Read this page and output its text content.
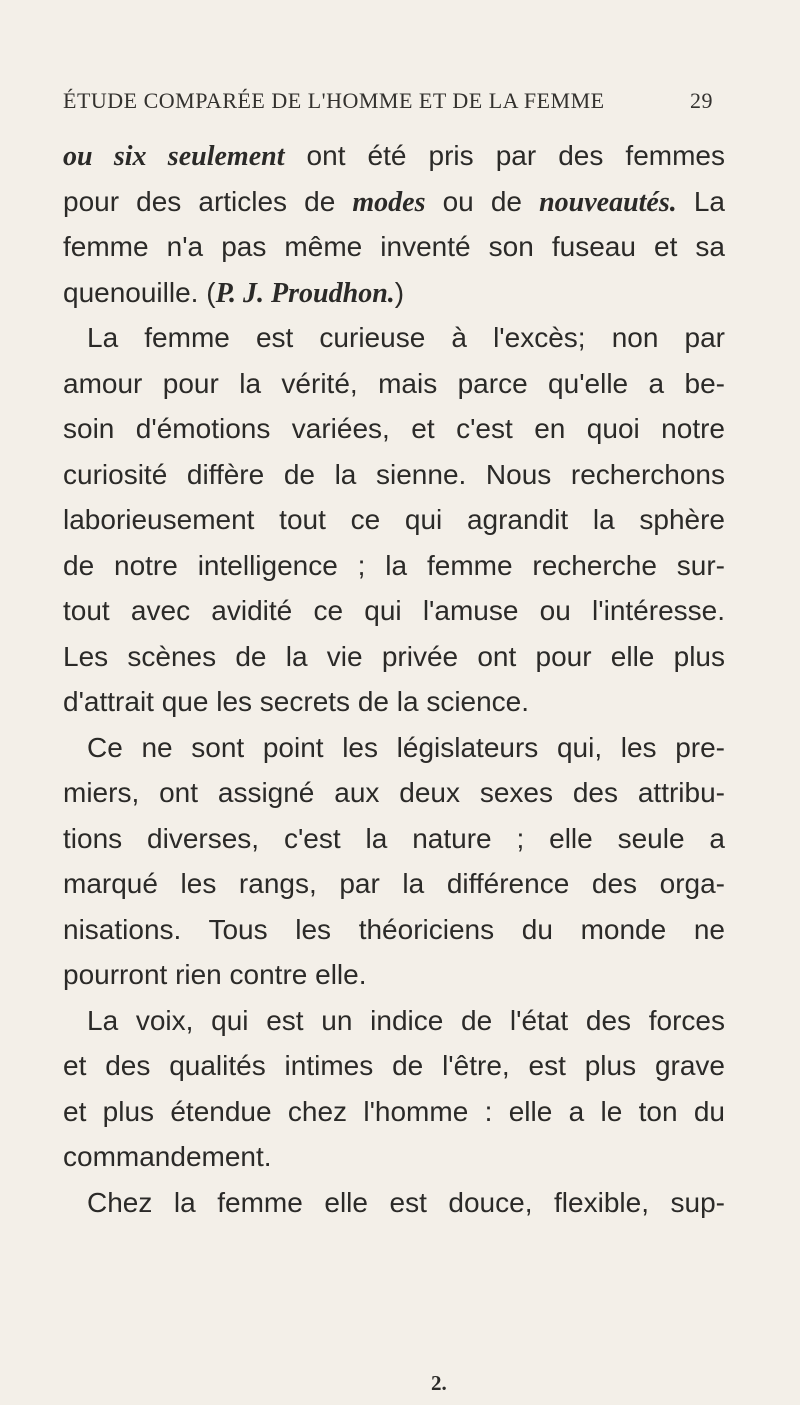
ÉTUDE COMPARÉE DE L'HOMME ET DE LA FEMME	29
ou six seulement ont été pris par des femmes
pour des articles de modes ou de nouveautés. La
femme n'a pas même inventé son fuseau et sa
quenouille. (P. J. Proudhon.)
La femme est curieuse à l'excès; non par
amour pour la vérité, mais parce qu'elle a be-
soin d'émotions variées, et c'est en quoi notre
curiosité diffère de la sienne. Nous recherchons
laborieusement tout ce qui agrandit la sphère
de notre intelligence ; la femme recherche sur-
tout avec avidité ce qui l'amuse ou l'intéresse.
Les scènes de la vie privée ont pour elle plus
d'attrait que les secrets de la science.
Ce ne sont point les législateurs qui, les pre-
miers, ont assigné aux deux sexes des attribu-
tions diverses, c'est la nature ; elle seule a
marqué les rangs, par la différence des orga-
nisations. Tous les théoriciens du monde ne
pourront rien contre elle.
La voix, qui est un indice de l'état des forces
et des qualités intimes de l'être, est plus grave
et plus étendue chez l'homme : elle a le ton du
commandement.
Chez la femme elle est douce, flexible, sup-
2.
